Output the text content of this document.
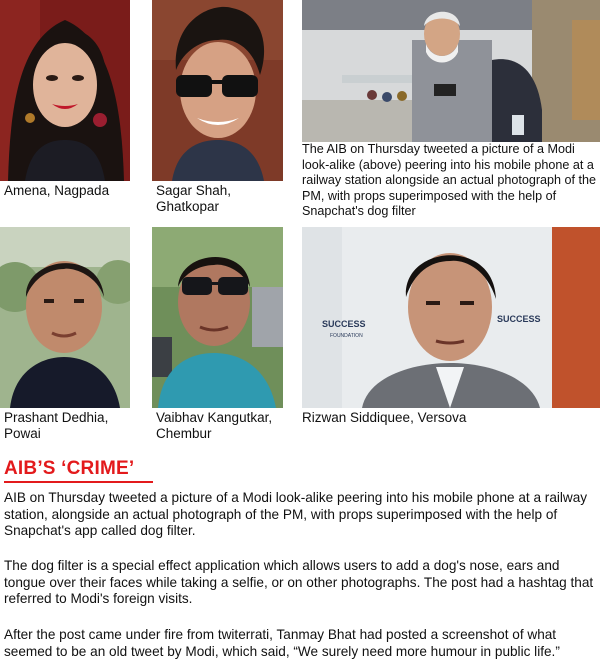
Amena, Nagpada	Sagar Shah,
Ghatkopar
The AIB on Thursday tweeted a picture of a Modi look-alike (above) peering into his mobile phone at a railway station alongside an actual photograph of the PM, with props superimposed with the help of Snapchat's dog filter
Prashant Dedhia,
Powai
Vaibhav Kangutkar,
Chembur
SUCCESS
FOUNDATION
SUCCESS
Rizwan Siddiquee, Versova
AIB’S ‘CRIME’

AIB on Thursday tweeted a picture of a Modi look-alike peering into his mobile phone at a railway station, alongside an actual photograph of the PM, with props superimposed with the help of Snapchat's app called dog filter.

The dog filter is a special effect application which allows users to add a dog's nose, ears and tongue over their faces while taking a selfie, or on other photographs. The post had a hashtag that referred to Modi's foreign visits.

After the post came under fire from twiterrati, Tanmay Bhat had posted a screenshot of what seemed to be an old tweet by Modi, which said, “We surely need more humour in public life.”
